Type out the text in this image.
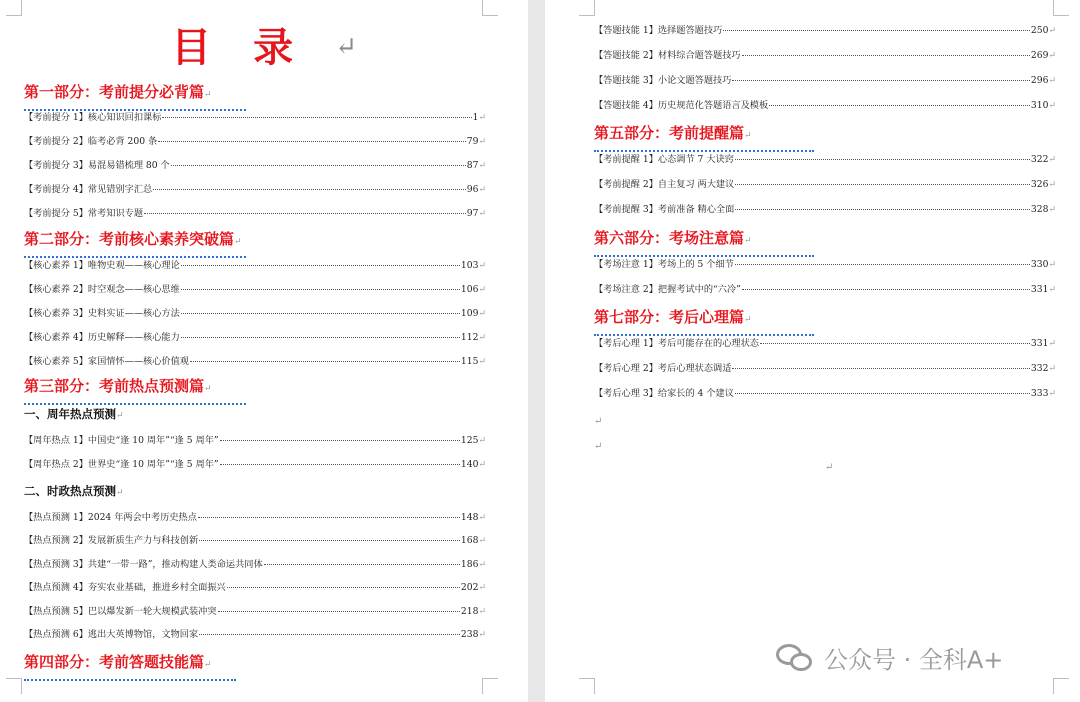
目录↵
第一部分：考前提分必背篇↵
【考前提分 1】核心知识回扣课标	1 ↵
【考前提分 2】临考必背 200 条	79 ↵
【考前提分 3】易混易错梳理 80 个	87 ↵
【考前提分 4】常见错别字汇总	96 ↵
【考前提分 5】常考知识专题	97 ↵
第二部分：考前核心素养突破篇↵
【核心素养 1】唯物史观——核心理论	103 ↵
【核心素养 2】时空观念——核心思维	106 ↵
【核心素养 3】史料实证——核心方法	109 ↵
【核心素养 4】历史解释——核心能力	112 ↵
【核心素养 5】家国情怀——核心价值观	115 ↵
第三部分：考前热点预测篇↵
一、周年热点预测↵
【周年热点 1】中国史“逢 10 周年”“逢 5 周年”	125 ↵
【周年热点 2】世界史“逢 10 周年”“逢 5 周年”	140 ↵
二、时政热点预测↵
【热点预测 1】2024 年两会中考历史热点	148 ↵
【热点预测 2】发展新质生产力与科技创新	168 ↵
【热点预测 3】共建“一带一路”，推动构建人类命运共同体	186 ↵
【热点预测 4】夯实农业基础，推进乡村全面振兴	202 ↵
【热点预测 5】巴以爆发新一轮大规模武装冲突	218 ↵
【热点预测 6】逃出大英博物馆，文物回家	238 ↵
第四部分：考前答题技能篇↵
【答题技能 1】选择题答题技巧	250 ↵
【答题技能 2】材料综合题答题技巧	269 ↵
【答题技能 3】小论文题答题技巧	296 ↵
【答题技能 4】历史规范化答题语言及模板	310 ↵
第五部分：考前提醒篇↵
【考前提醒 1】心态调节 7 大诀窍	322 ↵
【考前提醒 2】自主复习 两大建议	326 ↵
【考前提醒 3】考前准备 精心全面	328 ↵
第六部分：考场注意篇↵
【考场注意 1】考场上的 5 个细节	330 ↵
【考场注意 2】把握考试中的“六冷”	331 ↵
第七部分：考后心理篇↵
【考后心理 1】考后可能存在的心理状态	331 ↵
【考后心理 2】考后心理状态调适	332 ↵
【考后心理 3】给家长的 4 个建议	333 ↵
↵
↵
↵
公众号 · 全科A+
